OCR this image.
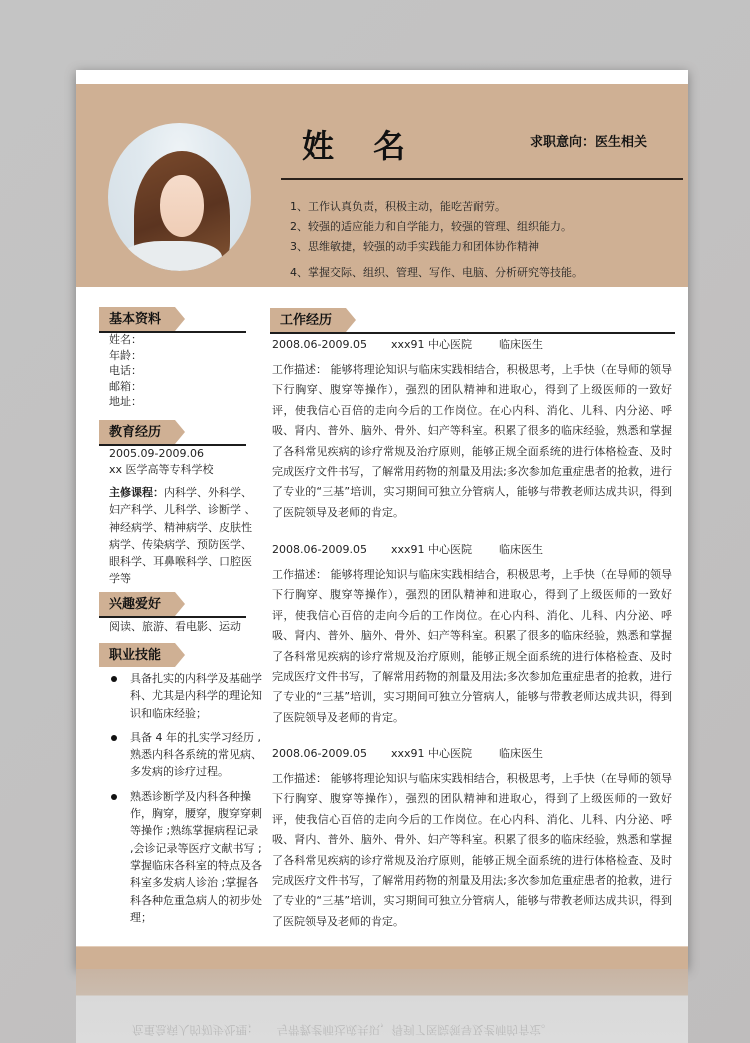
姓 名	求职意向：医生相关
1、工作认真负责，积极主动，能吃苦耐劳。
2、较强的适应能力和自学能力，较强的管理、组织能力。
3、思维敏捷，较强的动手实践能力和团体协作精神
4、掌握交际、组织、管理、写作、电脑、分析研究等技能。
基本资料
姓名：
年龄：
电话：
邮箱：
地址：
教育经历
2005.09-2009.06
xx 医学高等专科学校
主修课程：内科学、外科学、妇产科学、儿科学、诊断学 、神经病学、精神病学、皮肤性病学、传染病学、预防医学、眼科学、耳鼻喉科学、口腔医学等
兴趣爱好
阅读、旅游、看电影、运动
职业技能
具备扎实的内科学及基础学科、尤其是内科学的理论知识和临床经验；
具备 4 年的扎实学习经历 ,熟悉内科各系统的常见病、多发病的诊疗过程。
熟悉诊断学及内科各种操作，胸穿，腰穿，腹穿穿刺等操作 ;熟练掌握病程记录 ,会诊记录等医疗文献书写 ;掌握临床各科室的特点及各科室多发病人诊治 ;掌握各科各种危重急病人的初步处理；
工作经历
2008.06-2009.05 xxx91 中心医院 临床医生
工作描述： 能够将理论知识与临床实践相结合，积极思考，上手快（在导师的领导下行胸穿、腹穿等操作），强烈的团队精神和进取心，得到了上级医师的一致好评，使我信心百倍的走向今后的工作岗位。在心内科、消化、儿科、内分泌、呼吸、肾内、普外、脑外、骨外、妇产等科室。积累了很多的临床经验，熟悉和掌握了各科常见疾病的诊疗常规及治疗原则，能够正规全面系统的进行体格检查、及时完成医疗文件书写，了解常用药物的剂量及用法;多次参加危重症患者的抢救，进行了专业的“三基”培训，实习期间可独立分管病人，能够与带教老师达成共识，得到了医院领导及老师的肯定。
2008.06-2009.05 xxx91 中心医院 临床医生
工作描述： 能够将理论知识与临床实践相结合，积极思考，上手快（在导师的领导下行胸穿、腹穿等操作），强烈的团队精神和进取心，得到了上级医师的一致好评，使我信心百倍的走向今后的工作岗位。在心内科、消化、儿科、内分泌、呼吸、肾内、普外、脑外、骨外、妇产等科室。积累了很多的临床经验，熟悉和掌握了各科常见疾病的诊疗常规及治疗原则，能够正规全面系统的进行体格检查、及时完成医疗文件书写，了解常用药物的剂量及用法;多次参加危重症患者的抢救，进行了专业的“三基”培训，实习期间可独立分管病人，能够与带教老师达成共识，得到了医院领导及老师的肯定。
2008.06-2009.05 xxx91 中心医院 临床医生
工作描述： 能够将理论知识与临床实践相结合，积极思考，上手快（在导师的领导下行胸穿、腹穿等操作），强烈的团队精神和进取心，得到了上级医师的一致好评，使我信心百倍的走向今后的工作岗位。在心内科、消化、儿科、内分泌、呼吸、肾内、普外、脑外、骨外、妇产等科室。积累了很多的临床经验，熟悉和掌握了各科常见疾病的诊疗常规及治疗原则，能够正规全面系统的进行体格检查、及时完成医疗文件书写，了解常用药物的剂量及用法;多次参加危重症患者的抢救，进行了专业的“三基”培训，实习期间可独立分管病人，能够与带教老师达成共识，得到了医院领导及老师的肯定。
危重急病人的初步处理； 与带教老师达成共识，得到了医院领导及老师的肯定。
